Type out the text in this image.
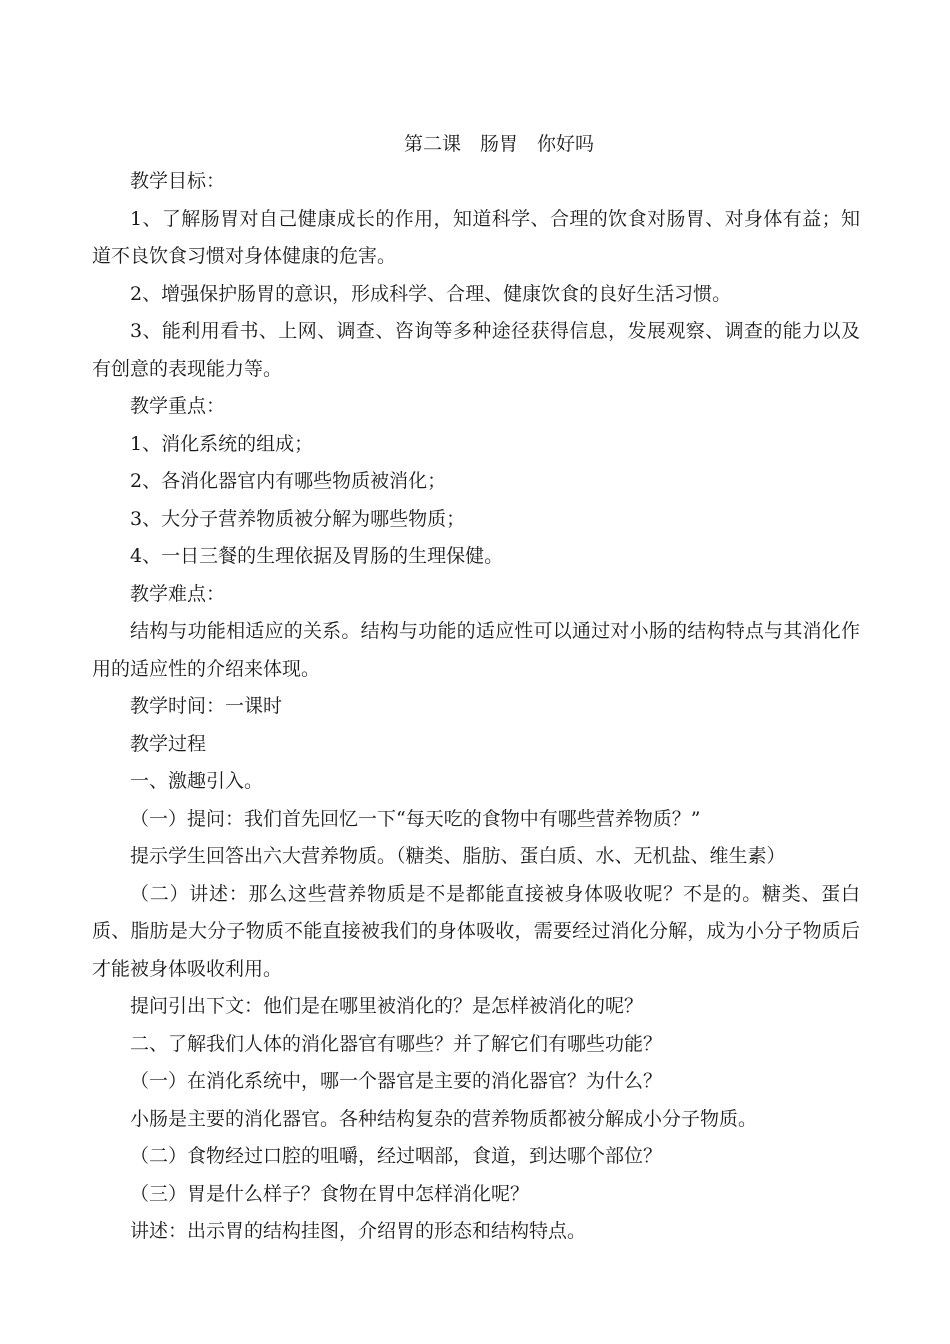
第二课　肠胃　你好吗

教学目标：

1、了解肠胃对自己健康成长的作用，知道科学、合理的饮食对肠胃、对身体有益；知道不良饮食习惯对身体健康的危害。

2、增强保护肠胃的意识，形成科学、合理、健康饮食的良好生活习惯。

3、能利用看书、上网、调查、咨询等多种途径获得信息，发展观察、调查的能力以及有创意的表现能力等。

教学重点：

1、消化系统的组成；

2、各消化器官内有哪些物质被消化；

3、大分子营养物质被分解为哪些物质；

4、一日三餐的生理依据及胃肠的生理保健。

教学难点：

结构与功能相适应的关系。结构与功能的适应性可以通过对小肠的结构特点与其消化作用的适应性的介绍来体现。

教学时间：一课时

教学过程

一、激趣引入。

（一）提问：我们首先回忆一下“每天吃的食物中有哪些营养物质？”

提示学生回答出六大营养物质。（糖类、脂肪、蛋白质、水、无机盐、维生素）

（二）讲述：那么这些营养物质是不是都能直接被身体吸收呢？不是的。糖类、蛋白质、脂肪是大分子物质不能直接被我们的身体吸收，需要经过消化分解，成为小分子物质后才能被身体吸收利用。

提问引出下文：他们是在哪里被消化的？是怎样被消化的呢？

二、了解我们人体的消化器官有哪些？并了解它们有哪些功能？

（一）在消化系统中，哪一个器官是主要的消化器官？为什么？

小肠是主要的消化器官。各种结构复杂的营养物质都被分解成小分子物质。

（二）食物经过口腔的咀嚼，经过咽部，食道，到达哪个部位？

（三）胃是什么样子？食物在胃中怎样消化呢？

讲述：出示胃的结构挂图，介绍胃的形态和结构特点。
